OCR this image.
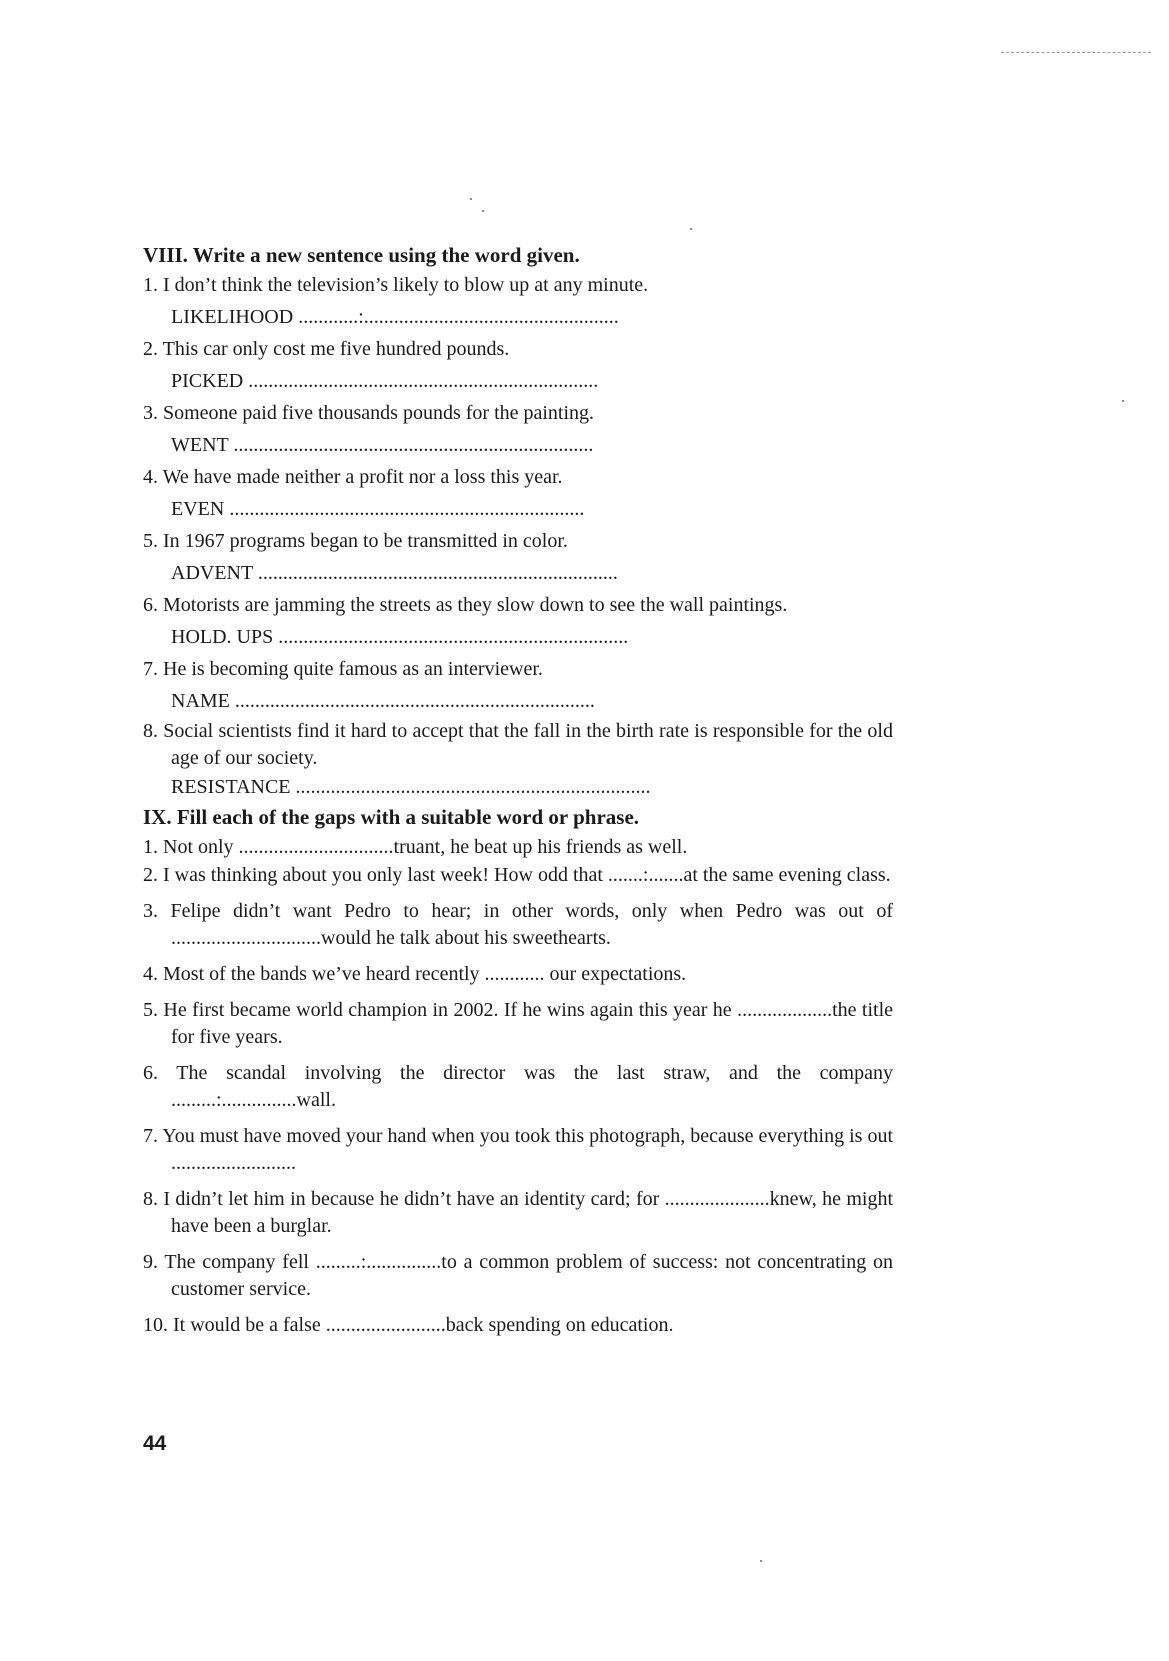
VIII. Write a new sentence using the word given.

1. I don’t think the television’s likely to blow up at any minute.
LIKELIHOOD ............:...................................................
2. This car only cost me five hundred pounds.
PICKED ......................................................................
3. Someone paid five thousands pounds for the painting.
WENT ........................................................................
4. We have made neither a profit nor a loss this year.
EVEN .......................................................................
5. In 1967 programs began to be transmitted in color.
ADVENT ........................................................................
6. Motorists are jamming the streets as they slow down to see the wall paintings.
HOLD. UPS ......................................................................
7. He is becoming quite famous as an interviewer.
NAME ........................................................................
8. Social scientists find it hard to accept that the fall in the birth rate is responsible for the old age of our society.
RESISTANCE .......................................................................

IX. Fill each of the gaps with a suitable word or phrase.

1. Not only ...............................truant, he beat up his friends as well.
2. I was thinking about you only last week! How odd that .......:.......at the same evening class.
3. Felipe didn’t want Pedro to hear; in other words, only when Pedro was out of ..............................would he talk about his sweethearts.
4. Most of the bands we’ve heard recently ............ our expectations.
5. He first became world champion in 2002. If he wins again this year he ...................the title for five years.
6. The scandal involving the director was the last straw, and the company .........:...............wall.
7. You must have moved your hand when you took this photograph, because everything is out .........................
8. I didn’t let him in because he didn’t have an identity card; for .....................knew, he might have been a burglar.
9. The company fell .........:...............to a common problem of success: not concentrating on customer service.
10. It would be a false ........................back spending on education.
44
